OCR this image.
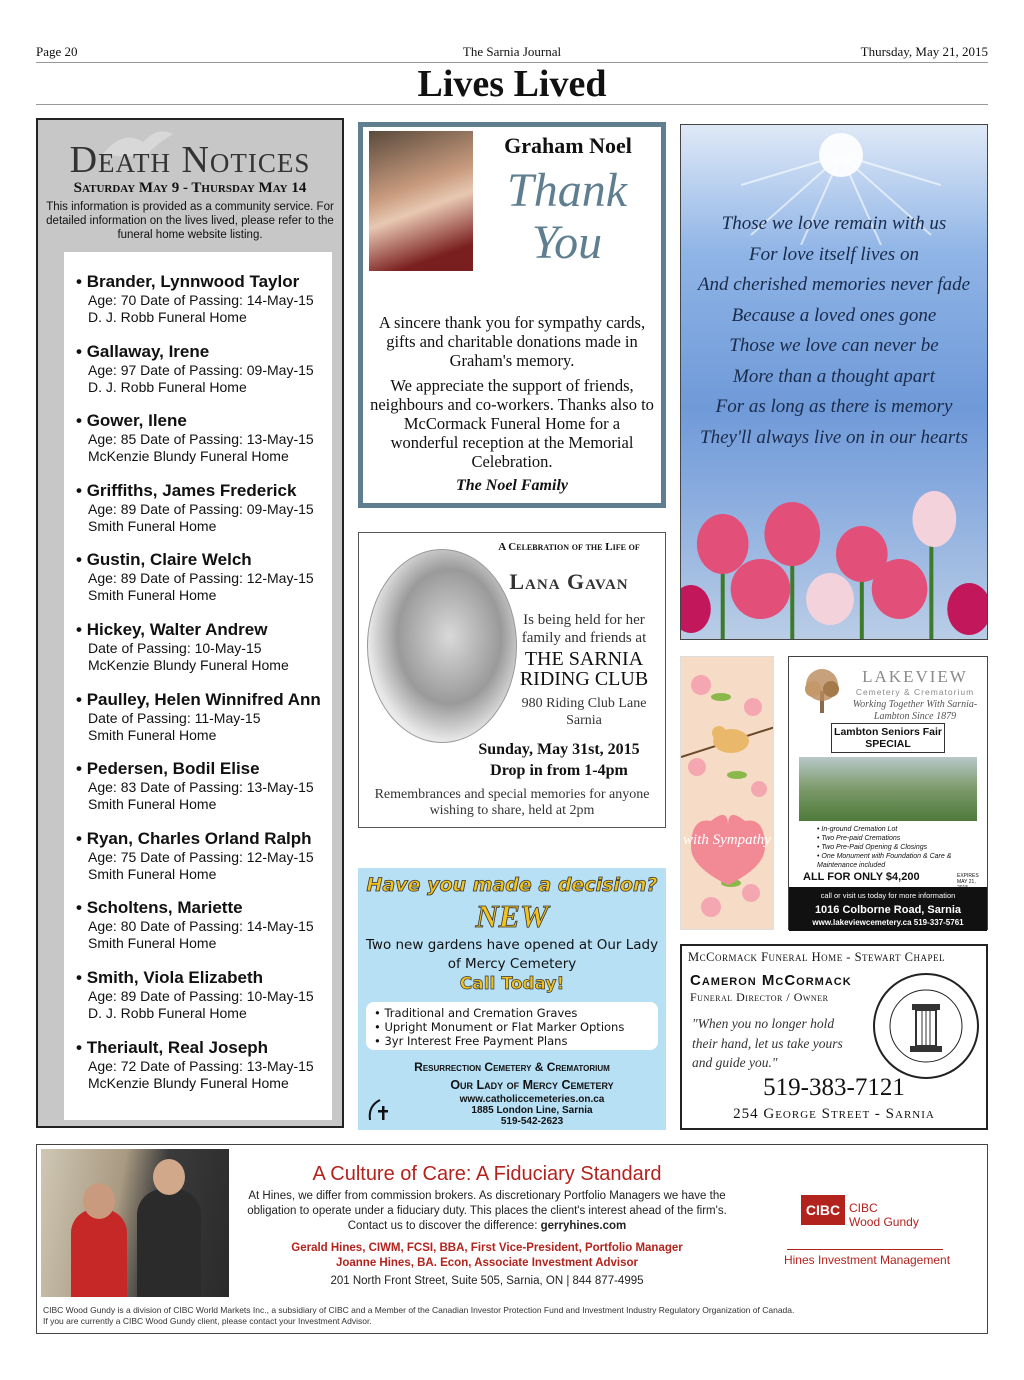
Page 20	The Sarnia Journal	Thursday, May 21, 2015
Lives Lived
Death Notices
Saturday May 9 - Thursday May 14
This information is provided as a community service. For detailed information on the lives lived, please refer to the funeral home website listing.
• Brander, Lynnwood Taylor
Age: 70 Date of Passing: 14-May-15
D. J. Robb Funeral Home
• Gallaway, Irene
Age: 97 Date of Passing: 09-May-15
D. J. Robb Funeral Home
• Gower, Ilene
Age: 85 Date of Passing: 13-May-15
McKenzie Blundy Funeral Home
• Griffiths, James Frederick
Age: 89 Date of Passing: 09-May-15
Smith Funeral Home
• Gustin, Claire Welch
Age: 89 Date of Passing: 12-May-15
Smith Funeral Home
• Hickey, Walter Andrew
Date of Passing: 10-May-15
McKenzie Blundy Funeral Home
• Paulley, Helen Winnifred Ann
Date of Passing: 11-May-15
Smith Funeral Home
• Pedersen, Bodil Elise
Age: 83 Date of Passing: 13-May-15
Smith Funeral Home
• Ryan, Charles Orland Ralph
Age: 75 Date of Passing: 12-May-15
Smith Funeral Home
• Scholtens, Mariette
Age: 80 Date of Passing: 14-May-15
Smith Funeral Home
• Smith, Viola Elizabeth
Age: 89 Date of Passing: 10-May-15
D. J. Robb Funeral Home
• Theriault, Real Joseph
Age: 72 Date of Passing: 13-May-15
McKenzie Blundy Funeral Home
Graham Noel
Thank You

A sincere thank you for sympathy cards, gifts and charitable donations made in Graham's memory.

We appreciate the support of friends, neighbours and co-workers. Thanks also to McCormack Funeral Home for a wonderful reception at the Memorial Celebration.

The Noel Family
Those we love remain with us
For love itself lives on
And cherished memories never fade
Because a loved ones gone
Those we love can never be
More than a thought apart
For as long as there is memory
They'll always live on in our hearts
A Celebration of the Life of
Lana Gavan
Is being held for her family and friends at
THE SARNIA RIDING CLUB
980 Riding Club Lane
Sarnia
Sunday, May 31st, 2015
Drop in from 1-4pm
Remembrances and special memories for anyone wishing to share, held at 2pm
Have you made a decision?
NEW
Two new gardens have opened at Our Lady of Mercy Cemetery
Call Today!
• Traditional and Cremation Graves
• Upright Monument or Flat Marker Options
• 3yr Interest Free Payment Plans
Resurrection Cemetery & Crematorium
Our Lady of Mercy Cemetery
www.catholiccemeteries.on.ca
1885 London Line, Sarnia
519-542-2623
with Sympathy
LAKEVIEW
Cemetery & Crematorium
Working Together With Sarnia-Lambton Since 1879
Lambton Seniors Fair
SPECIAL
• In-ground Cremation Lot
• Two Pre-paid Cremations
• Two Pre-Paid Opening & Closings
• One Monument with Foundation & Care & Maintenance included
ALL FOR ONLY $4,200	EXPIRES MAY 21,
call or visit us today for more information
1016 Colborne Road, Sarnia
www.lakeviewcemetery.ca 519-337-5761
McCormack Funeral Home - Stewart Chapel
Cameron McCormack
Funeral Director / Owner
"When you no longer hold their hand, let us take yours and guide you."
519-383-7121
254 George Street - Sarnia
A Culture of Care: A Fiduciary Standard
At Hines, we differ from commission brokers. As discretionary Portfolio Managers we have the obligation to operate under a fiduciary duty. This places the client's interest ahead of the firm's.
Contact us to discover the difference: gerryhines.com
Gerald Hines, CIWM, FCSI, BBA, First Vice-President, Portfolio Manager
Joanne Hines, BA. Econ, Associate Investment Advisor
201 North Front Street, Suite 505, Sarnia, ON | 844 877-4995
CIBC CIBC
Wood Gundy
Hines Investment Management
CIBC Wood Gundy is a division of CIBC World Markets Inc., a subsidiary of CIBC and a Member of the Canadian Investor Protection Fund and Investment Industry Regulatory Organization of Canada.
If you are currently a CIBC Wood Gundy client, please contact your Investment Advisor.
